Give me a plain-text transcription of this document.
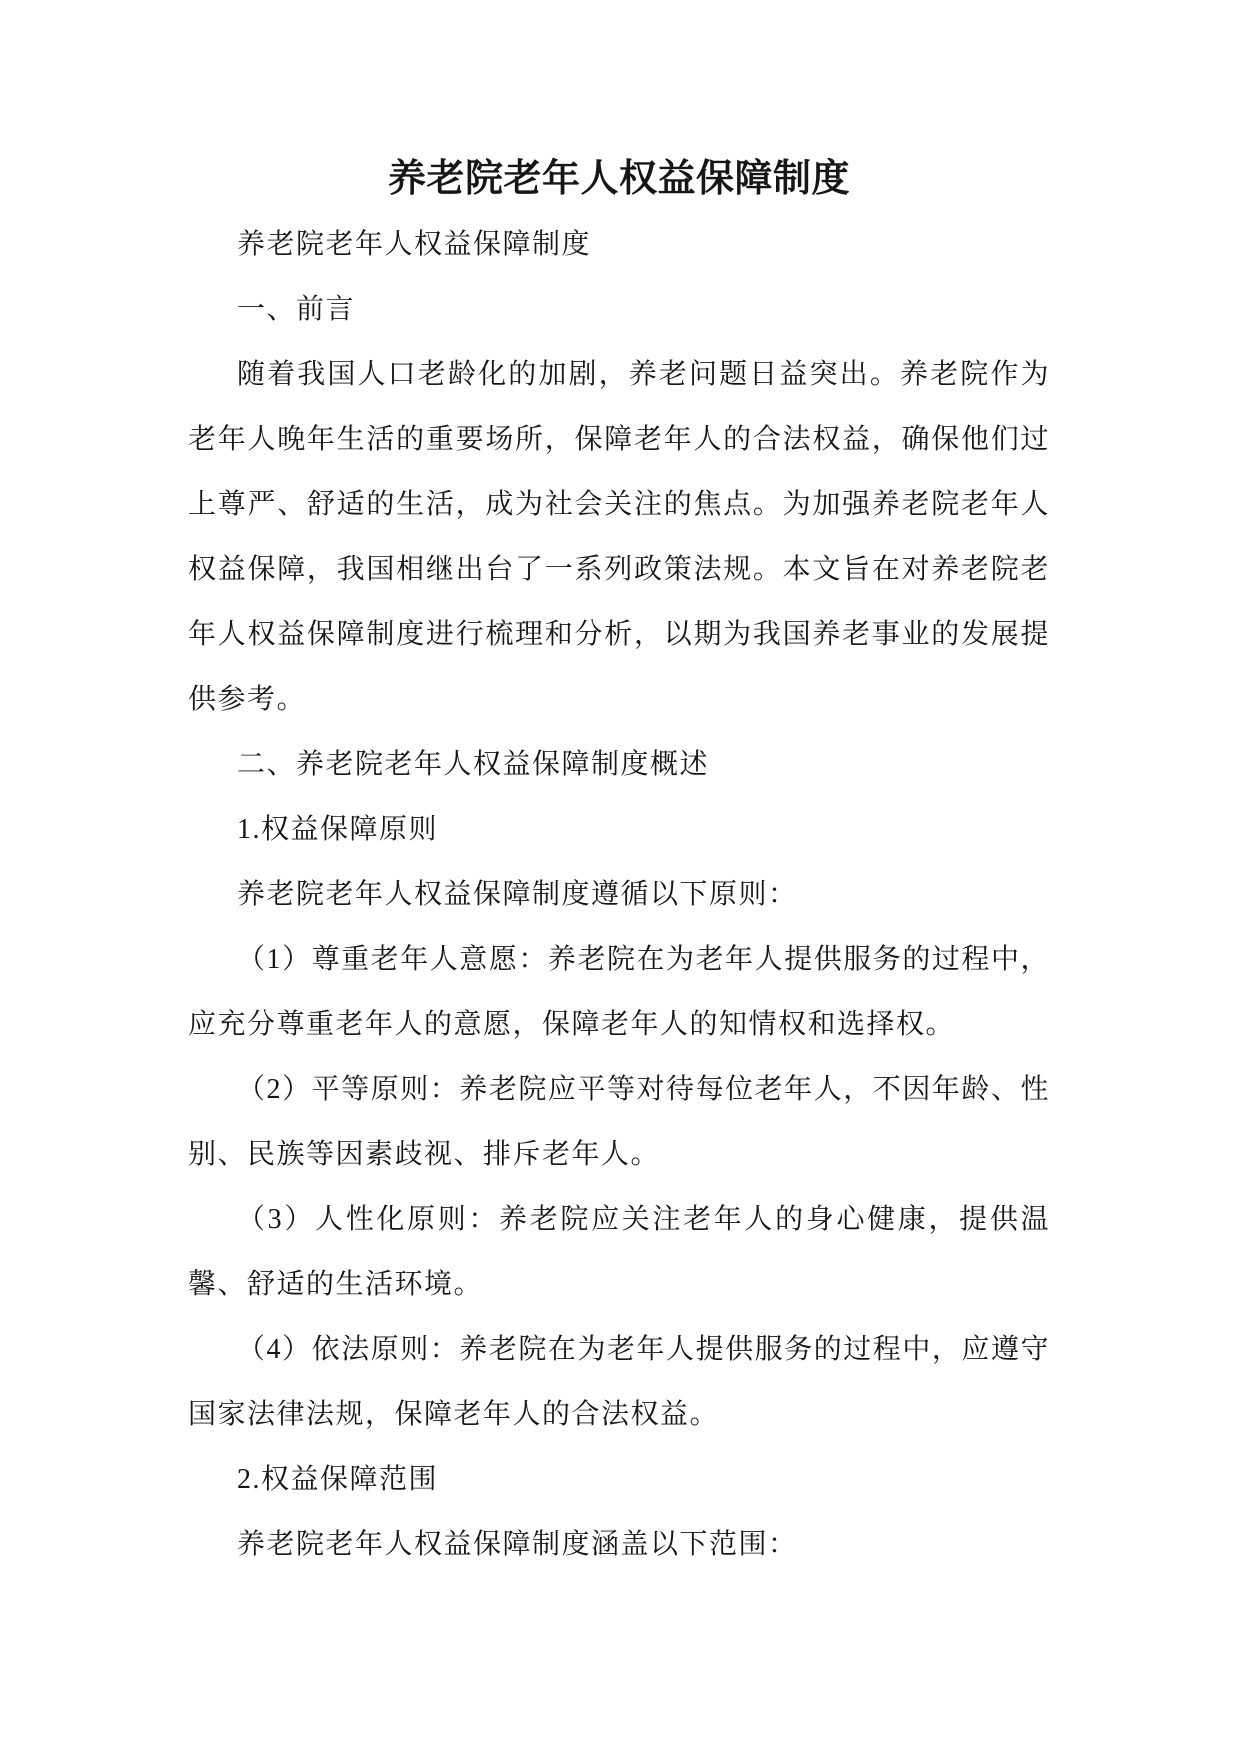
养老院老年人权益保障制度

养老院老年人权益保障制度

一、前言

随着我国人口老龄化的加剧，养老问题日益突出。养老院作为老年人晚年生活的重要场所，保障老年人的合法权益，确保他们过上尊严、舒适的生活，成为社会关注的焦点。为加强养老院老年人权益保障，我国相继出台了一系列政策法规。本文旨在对养老院老年人权益保障制度进行梳理和分析，以期为我国养老事业的发展提供参考。

二、养老院老年人权益保障制度概述

1.权益保障原则

养老院老年人权益保障制度遵循以下原则：

（1）尊重老年人意愿：养老院在为老年人提供服务的过程中，应充分尊重老年人的意愿，保障老年人的知情权和选择权。

（2）平等原则：养老院应平等对待每位老年人，不因年龄、性别、民族等因素歧视、排斥老年人。

（3）人性化原则：养老院应关注老年人的身心健康，提供温馨、舒适的生活环境。

（4）依法原则：养老院在为老年人提供服务的过程中，应遵守国家法律法规，保障老年人的合法权益。

2.权益保障范围

养老院老年人权益保障制度涵盖以下范围：
